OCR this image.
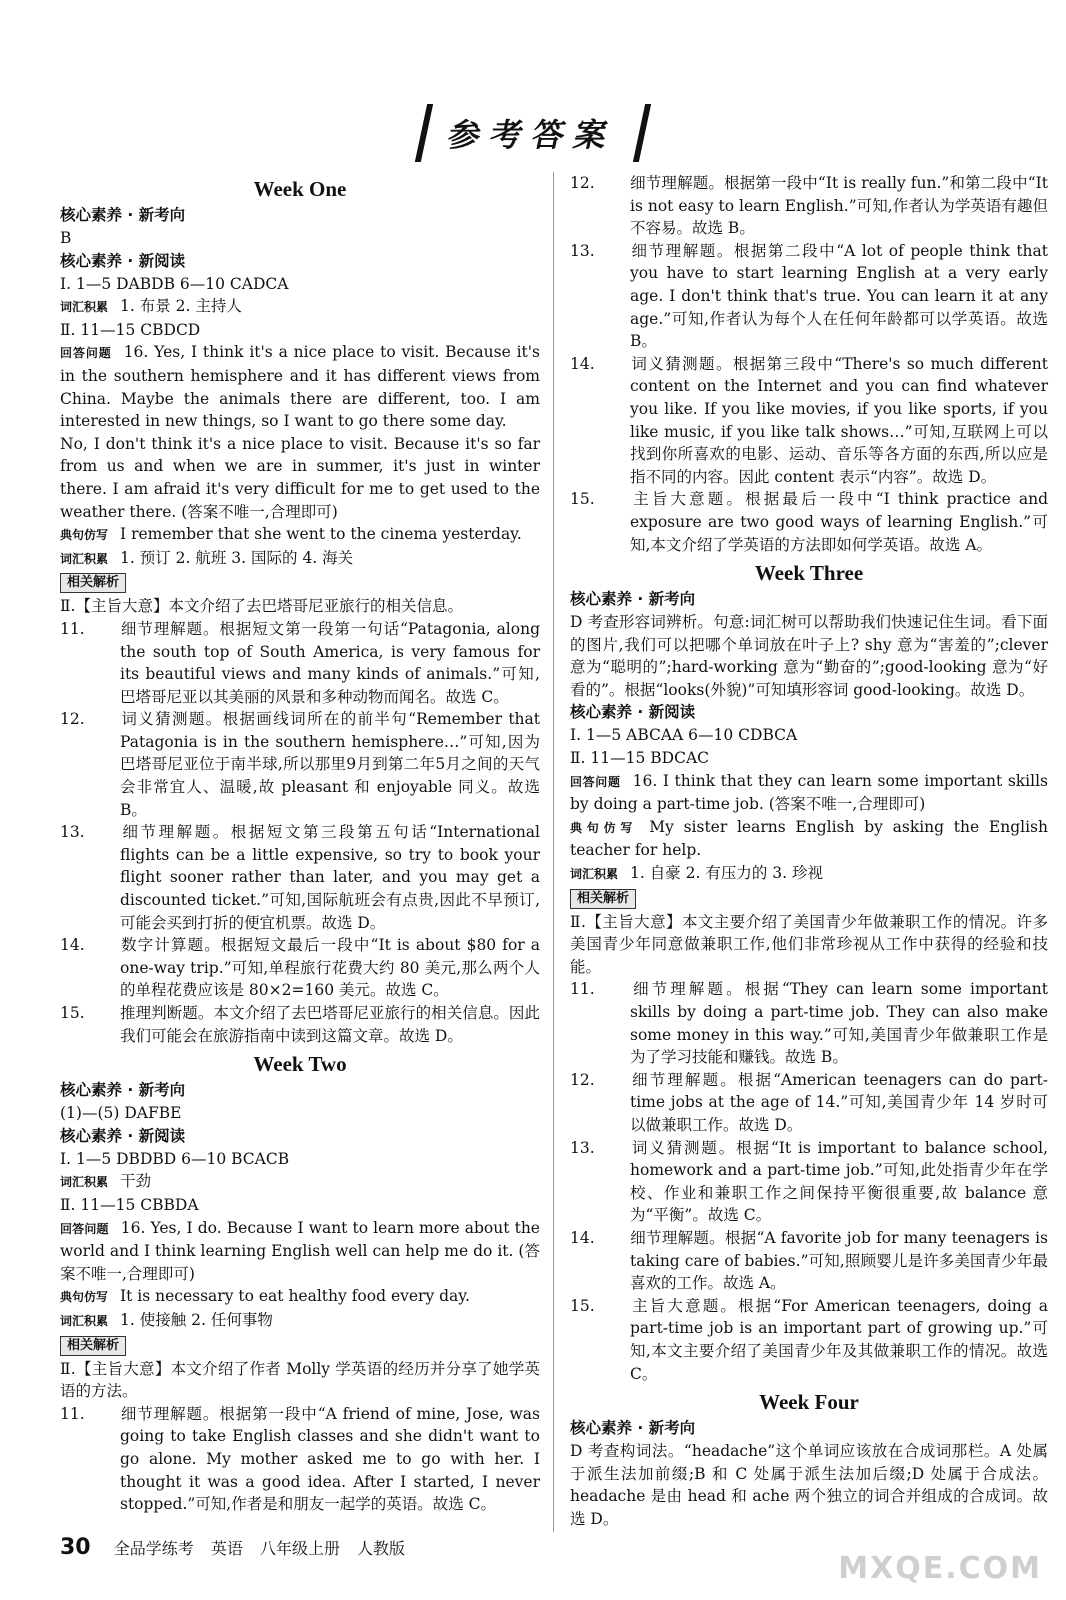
参考答案
Week One
核心素养 · 新考向
B
核心素养 · 新阅读
Ⅰ. 1—5 DABDB 6—10 CADCA
词汇积累 1. 布景 2. 主持人
Ⅱ. 11—15 CBDCD
回答问题 16. Yes, I think it's a nice place to visit. Because it's in the southern hemisphere and it has different views from China. Maybe the animals there are different, too. I am interested in new things, so I want to go there some day.
No, I don't think it's a nice place to visit. Because it's so far from us and when we are in summer, it's just in winter there. I am afraid it's very difficult for me to get used to the weather there. (答案不唯一,合理即可)
典句仿写 I remember that she went to the cinema yesterday.
词汇积累 1. 预订 2. 航班 3. 国际的 4. 海关
相关解析
Ⅱ.【主旨大意】本文介绍了去巴塔哥尼亚旅行的相关信息。
11. 细节理解题。根据短文第一段第一句话“Patagonia, along the south top of South America, is very famous for its beautiful views and many kinds of animals.”可知,巴塔哥尼亚以其美丽的风景和多种动物而闻名。故选 C。
12. 词义猜测题。根据画线词所在的前半句“Remember that Patagonia is in the southern hemisphere…”可知,因为巴塔哥尼亚位于南半球,所以那里9月到第二年5月之间的天气会非常宜人、温暖,故 pleasant 和 enjoyable 同义。故选 B。
13. 细节理解题。根据短文第三段第五句话“International flights can be a little expensive, so try to book your flight sooner rather than later, and you may get a discounted ticket.”可知,国际航班会有点贵,因此不早预订,可能会买到打折的便宜机票。故选 D。
14. 数字计算题。根据短文最后一段中“It is about $80 for a one-way trip.”可知,单程旅行花费大约 80 美元,那么两个人的单程花费应该是 80×2=160 美元。故选 C。
15. 推理判断题。本文介绍了去巴塔哥尼亚旅行的相关信息。因此我们可能会在旅游指南中读到这篇文章。故选 D。
Week Two
核心素养 · 新考向
(1)—(5) DAFBE
核心素养 · 新阅读
Ⅰ. 1—5 DBDBD 6—10 BCACB
词汇积累 干劲
Ⅱ. 11—15 CBBDA
回答问题 16. Yes, I do. Because I want to learn more about the world and I think learning English well can help me do it. (答案不唯一,合理即可)
典句仿写 It is necessary to eat healthy food every day.
词汇积累 1. 使接触 2. 任何事物
相关解析
Ⅱ.【主旨大意】本文介绍了作者 Molly 学英语的经历并分享了她学英语的方法。
11. 细节理解题。根据第一段中“A friend of mine, Jose, was going to take English classes and she didn't want to go alone. My mother asked me to go with her. I thought it was a good idea. After I started, I never stopped.”可知,作者是和朋友一起学的英语。故选 C。
12. 细节理解题。根据第一段中“It is really fun.”和第二段中“It is not easy to learn English.”可知,作者认为学英语有趣但不容易。故选 B。
13. 细节理解题。根据第二段中“A lot of people think that you have to start learning English at a very early age. I don't think that's true. You can learn it at any age.”可知,作者认为每个人在任何年龄都可以学英语。故选 B。
14. 词义猜测题。根据第三段中“There's so much different content on the Internet and you can find whatever you like. If you like movies, if you like sports, if you like music, if you like talk shows…”可知,互联网上可以找到你所喜欢的电影、运动、音乐等各方面的东西,所以应是指不同的内容。因此 content 表示“内容”。故选 D。
15. 主旨大意题。根据最后一段中“I think practice and exposure are two good ways of learning English.”可知,本文介绍了学英语的方法即如何学英语。故选 A。
Week Three
核心素养 · 新考向
D 考查形容词辨析。句意:词汇树可以帮助我们快速记住生词。看下面的图片,我们可以把哪个单词放在叶子上? shy 意为“害羞的”;clever 意为“聪明的”;hard-working 意为“勤奋的”;good-looking 意为“好看的”。根据“looks(外貌)”可知填形容词 good-looking。故选 D。
核心素养 · 新阅读
Ⅰ. 1—5 ABCAA 6—10 CDBCA
Ⅱ. 11—15 BDCAC
回答问题 16. I think that they can learn some important skills by doing a part-time job. (答案不唯一,合理即可)
典句仿写 My sister learns English by asking the English teacher for help.
词汇积累 1. 自豪 2. 有压力的 3. 珍视
相关解析
Ⅱ.【主旨大意】本文主要介绍了美国青少年做兼职工作的情况。许多美国青少年同意做兼职工作,他们非常珍视从工作中获得的经验和技能。
11. 细节理解题。根据“They can learn some important skills by doing a part-time job. They can also make some money in this way.”可知,美国青少年做兼职工作是为了学习技能和赚钱。故选 B。
12. 细节理解题。根据“American teenagers can do part-time jobs at the age of 14.”可知,美国青少年 14 岁时可以做兼职工作。故选 D。
13. 词义猜测题。根据“It is important to balance school, homework and a part-time job.”可知,此处指青少年在学校、作业和兼职工作之间保持平衡很重要,故 balance 意为“平衡”。故选 C。
14. 细节理解题。根据“A favorite job for many teenagers is taking care of babies.”可知,照顾婴儿是许多美国青少年最喜欢的工作。故选 A。
15. 主旨大意题。根据“For American teenagers, doing a part-time job is an important part of growing up.”可知,本文主要介绍了美国青少年及其做兼职工作的情况。故选 C。
Week Four
核心素养 · 新考向
D 考查构词法。“headache”这个单词应该放在合成词那栏。A 处属于派生法加前缀;B 和 C 处属于派生法加后缀;D 处属于合成法。headache 是由 head 和 ache 两个独立的词合并组成的合成词。故选 D。
30 全品学练考 英语 八年级上册 人教版
MXQE.COM
